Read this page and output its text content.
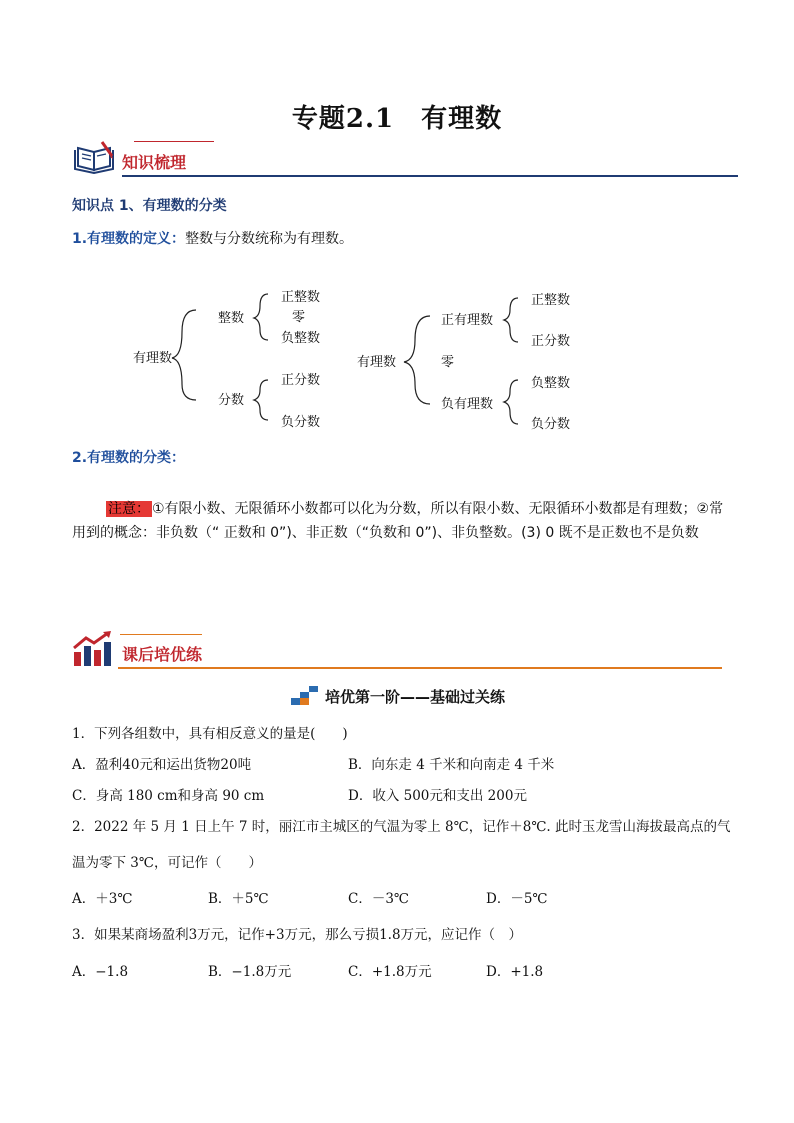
专题2.1　有理数
知识梳理
知识点 1、有理数的分类
1.有理数的定义：整数与分数统称为有理数。
有理数
整数
分数
正整数
零
负整数
正分数
负分数
有理数
正有理数
零
负有理数
正整数
正分数
负整数
负分数
2.有理数的分类：
注意： ①有限小数、无限循环小数都可以化为分数，所以有限小数、无限循环小数都是有理数；②常用到的概念：非负数（“ 正数和 0”)、非正数（“负数和 0”)、非负整数。(3) 0 既不是正数也不是负数
课后培优练
培优第一阶——基础过关练
1．下列各组数中，具有相反意义的量是(　　)
A．盈利40元和运出货物20吨	B．向东走 4 千米和向南走 4 千米
C．身高 180 cm和身高 90 cm	D．收入 500元和支出 200元
2．2022 年 5 月 1 日上午 7 时，丽江市主城区的气温为零上 8℃，记作＋8℃. 此时玉龙雪山海拔最高点的气
温为零下 3℃，可记作（　　）
A．＋3℃	B．＋5℃	C．－3℃	D．－5℃
3．如果某商场盈利3万元，记作+3万元，那么亏损1.8万元，应记作（　）
A．−1.8	B．−1.8万元	C．+1.8万元	D．+1.8
